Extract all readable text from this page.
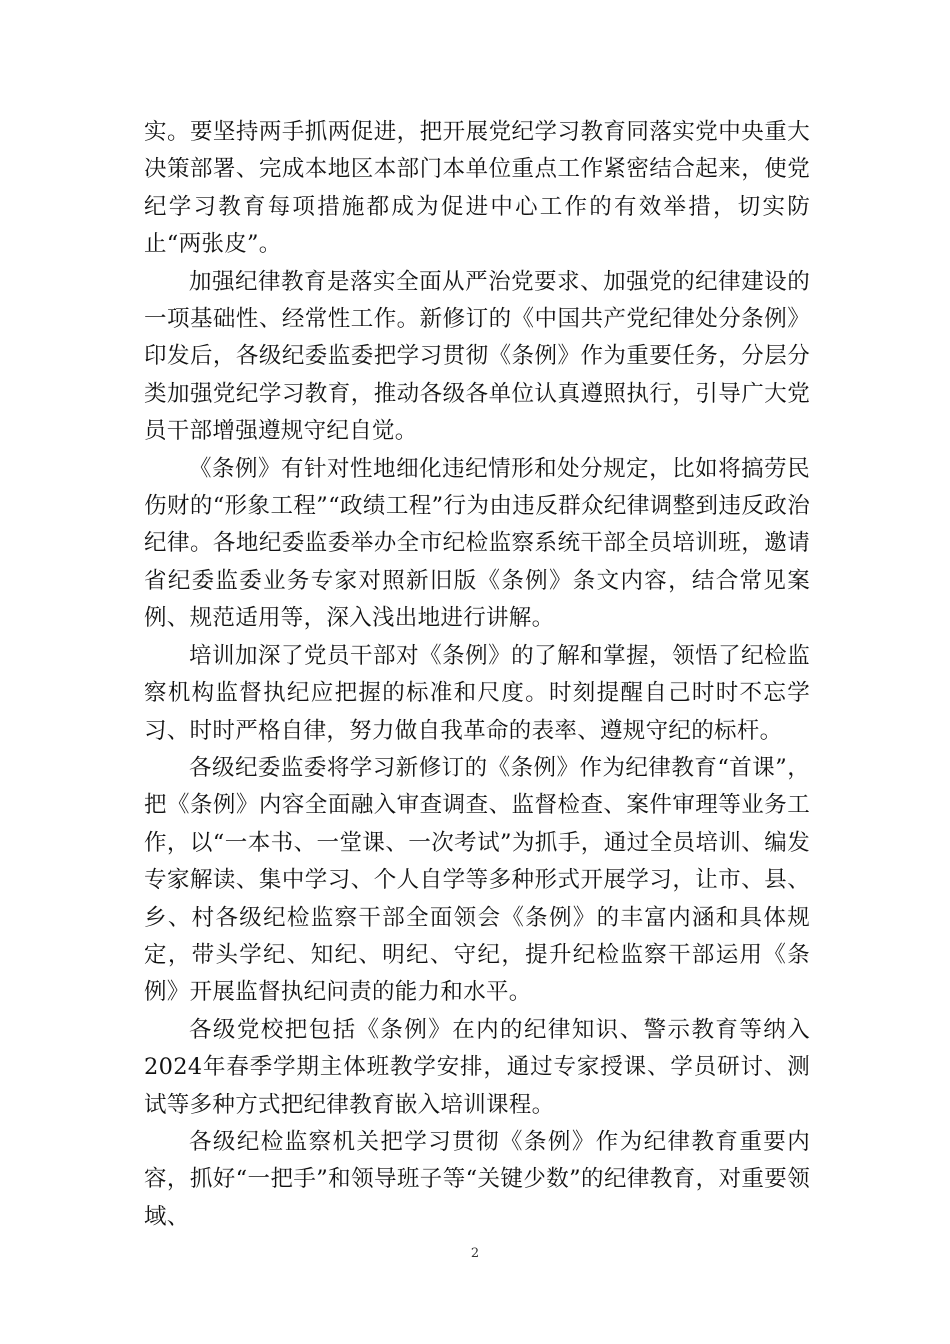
实。要坚持两手抓两促进，把开展党纪学习教育同落实党中央重大决策部署、完成本地区本部门本单位重点工作紧密结合起来，使党纪学习教育每项措施都成为促进中心工作的有效举措，切实防止“两张皮”。

加强纪律教育是落实全面从严治党要求、加强党的纪律建设的一项基础性、经常性工作。新修订的《中国共产党纪律处分条例》印发后，各级纪委监委把学习贯彻《条例》作为重要任务，分层分类加强党纪学习教育，推动各级各单位认真遵照执行，引导广大党员干部增强遵规守纪自觉。

《条例》有针对性地细化违纪情形和处分规定，比如将搞劳民伤财的“形象工程”“政绩工程”行为由违反群众纪律调整到违反政治纪律。各地纪委监委举办全市纪检监察系统干部全员培训班，邀请省纪委监委业务专家对照新旧版《条例》条文内容，结合常见案例、规范适用等，深入浅出地进行讲解。

培训加深了党员干部对《条例》的了解和掌握，领悟了纪检监察机构监督执纪应把握的标准和尺度。时刻提醒自己时时不忘学习、时时严格自律，努力做自我革命的表率、遵规守纪的标杆。

各级纪委监委将学习新修订的《条例》作为纪律教育“首课”，把《条例》内容全面融入审查调查、监督检查、案件审理等业务工作，以“一本书、一堂课、一次考试”为抓手，通过全员培训、编发专家解读、集中学习、个人自学等多种形式开展学习，让市、县、乡、村各级纪检监察干部全面领会《条例》的丰富内涵和具体规定，带头学纪、知纪、明纪、守纪，提升纪检监察干部运用《条例》开展监督执纪问责的能力和水平。

各级党校把包括《条例》在内的纪律知识、警示教育等纳入2024年春季学期主体班教学安排，通过专家授课、学员研讨、测试等多种方式把纪律教育嵌入培训课程。

各级纪检监察机关把学习贯彻《条例》作为纪律教育重要内容，抓好“一把手”和领导班子等“关键少数”的纪律教育，对重要领域、

2
